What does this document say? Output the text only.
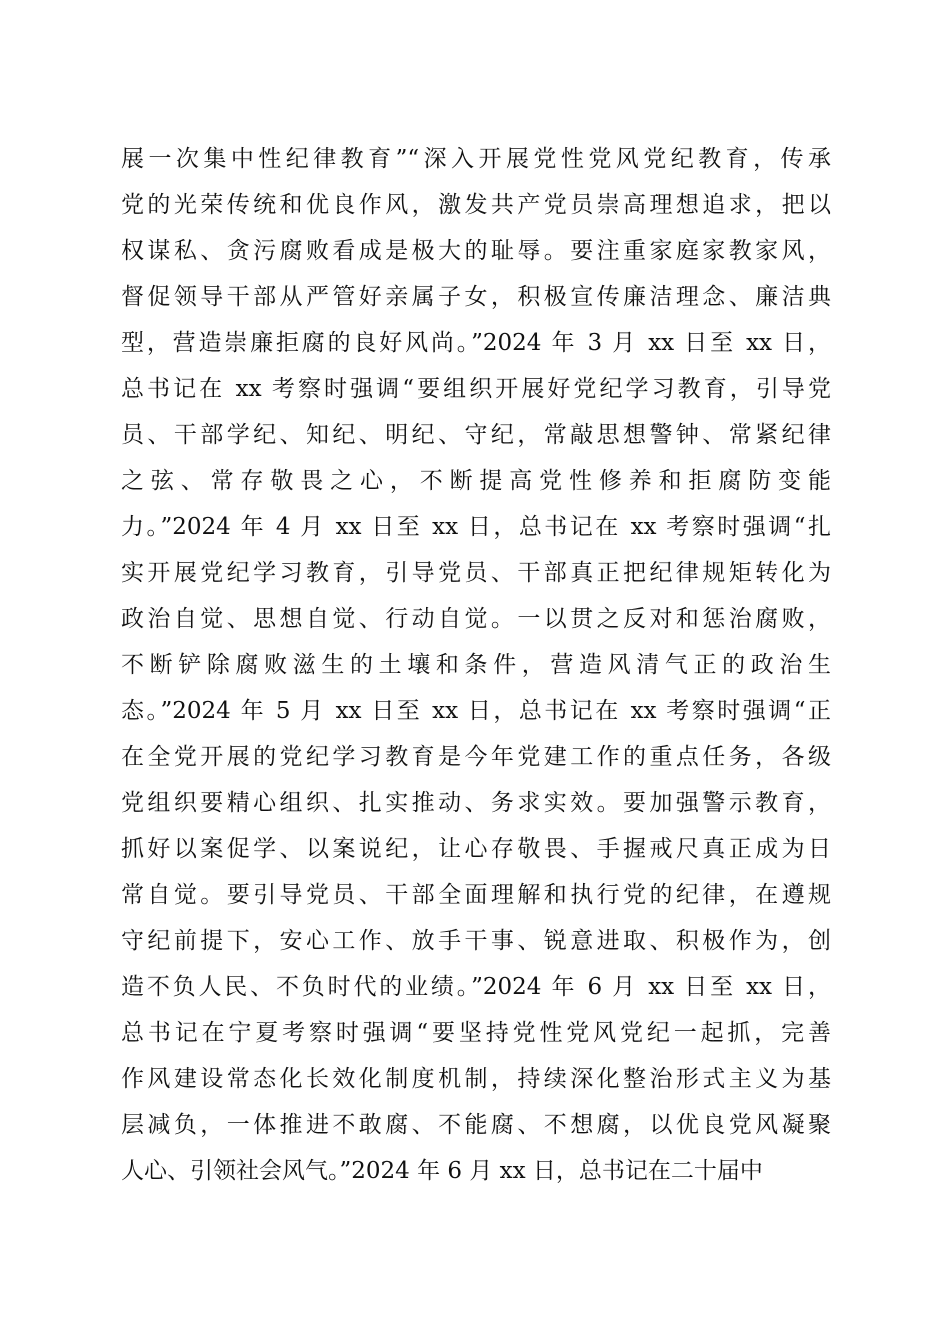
展一次集中性纪律教育”“深入开展党性党风党纪教育，传承
党的光荣传统和优良作风，激发共产党员崇高理想追求，把以
权谋私、贪污腐败看成是极大的耻辱。要注重家庭家教家风，
督促领导干部从严管好亲属子女，积极宣传廉洁理念、廉洁典
型，营造崇廉拒腐的良好风尚。”2024 年 3 月 xx 日至 xx 日，
总书记在 xx 考察时强调“要组织开展好党纪学习教育，引导党
员、干部学纪、知纪、明纪、守纪，常敲思想警钟、常紧纪律
之弦、常存敬畏之心，不断提高党性修养和拒腐防变能
力。”2024 年 4 月 xx 日至 xx 日，总书记在 xx 考察时强调“扎
实开展党纪学习教育，引导党员、干部真正把纪律规矩转化为
政治自觉、思想自觉、行动自觉。一以贯之反对和惩治腐败，
不断铲除腐败滋生的土壤和条件，营造风清气正的政治生
态。”2024 年 5 月 xx 日至 xx 日，总书记在 xx 考察时强调“正
在全党开展的党纪学习教育是今年党建工作的重点任务，各级
党组织要精心组织、扎实推动、务求实效。要加强警示教育，
抓好以案促学、以案说纪，让心存敬畏、手握戒尺真正成为日
常自觉。要引导党员、干部全面理解和执行党的纪律，在遵规
守纪前提下，安心工作、放手干事、锐意进取、积极作为，创
造不负人民、不负时代的业绩。”2024 年 6 月 xx 日至 xx 日，
总书记在宁夏考察时强调“要坚持党性党风党纪一起抓，完善
作风建设常态化长效化制度机制，持续深化整治形式主义为基
层减负，一体推进不敢腐、不能腐、不想腐，以优良党风凝聚
人心、引领社会风气。”2024 年 6 月 xx 日，总书记在二十届中
